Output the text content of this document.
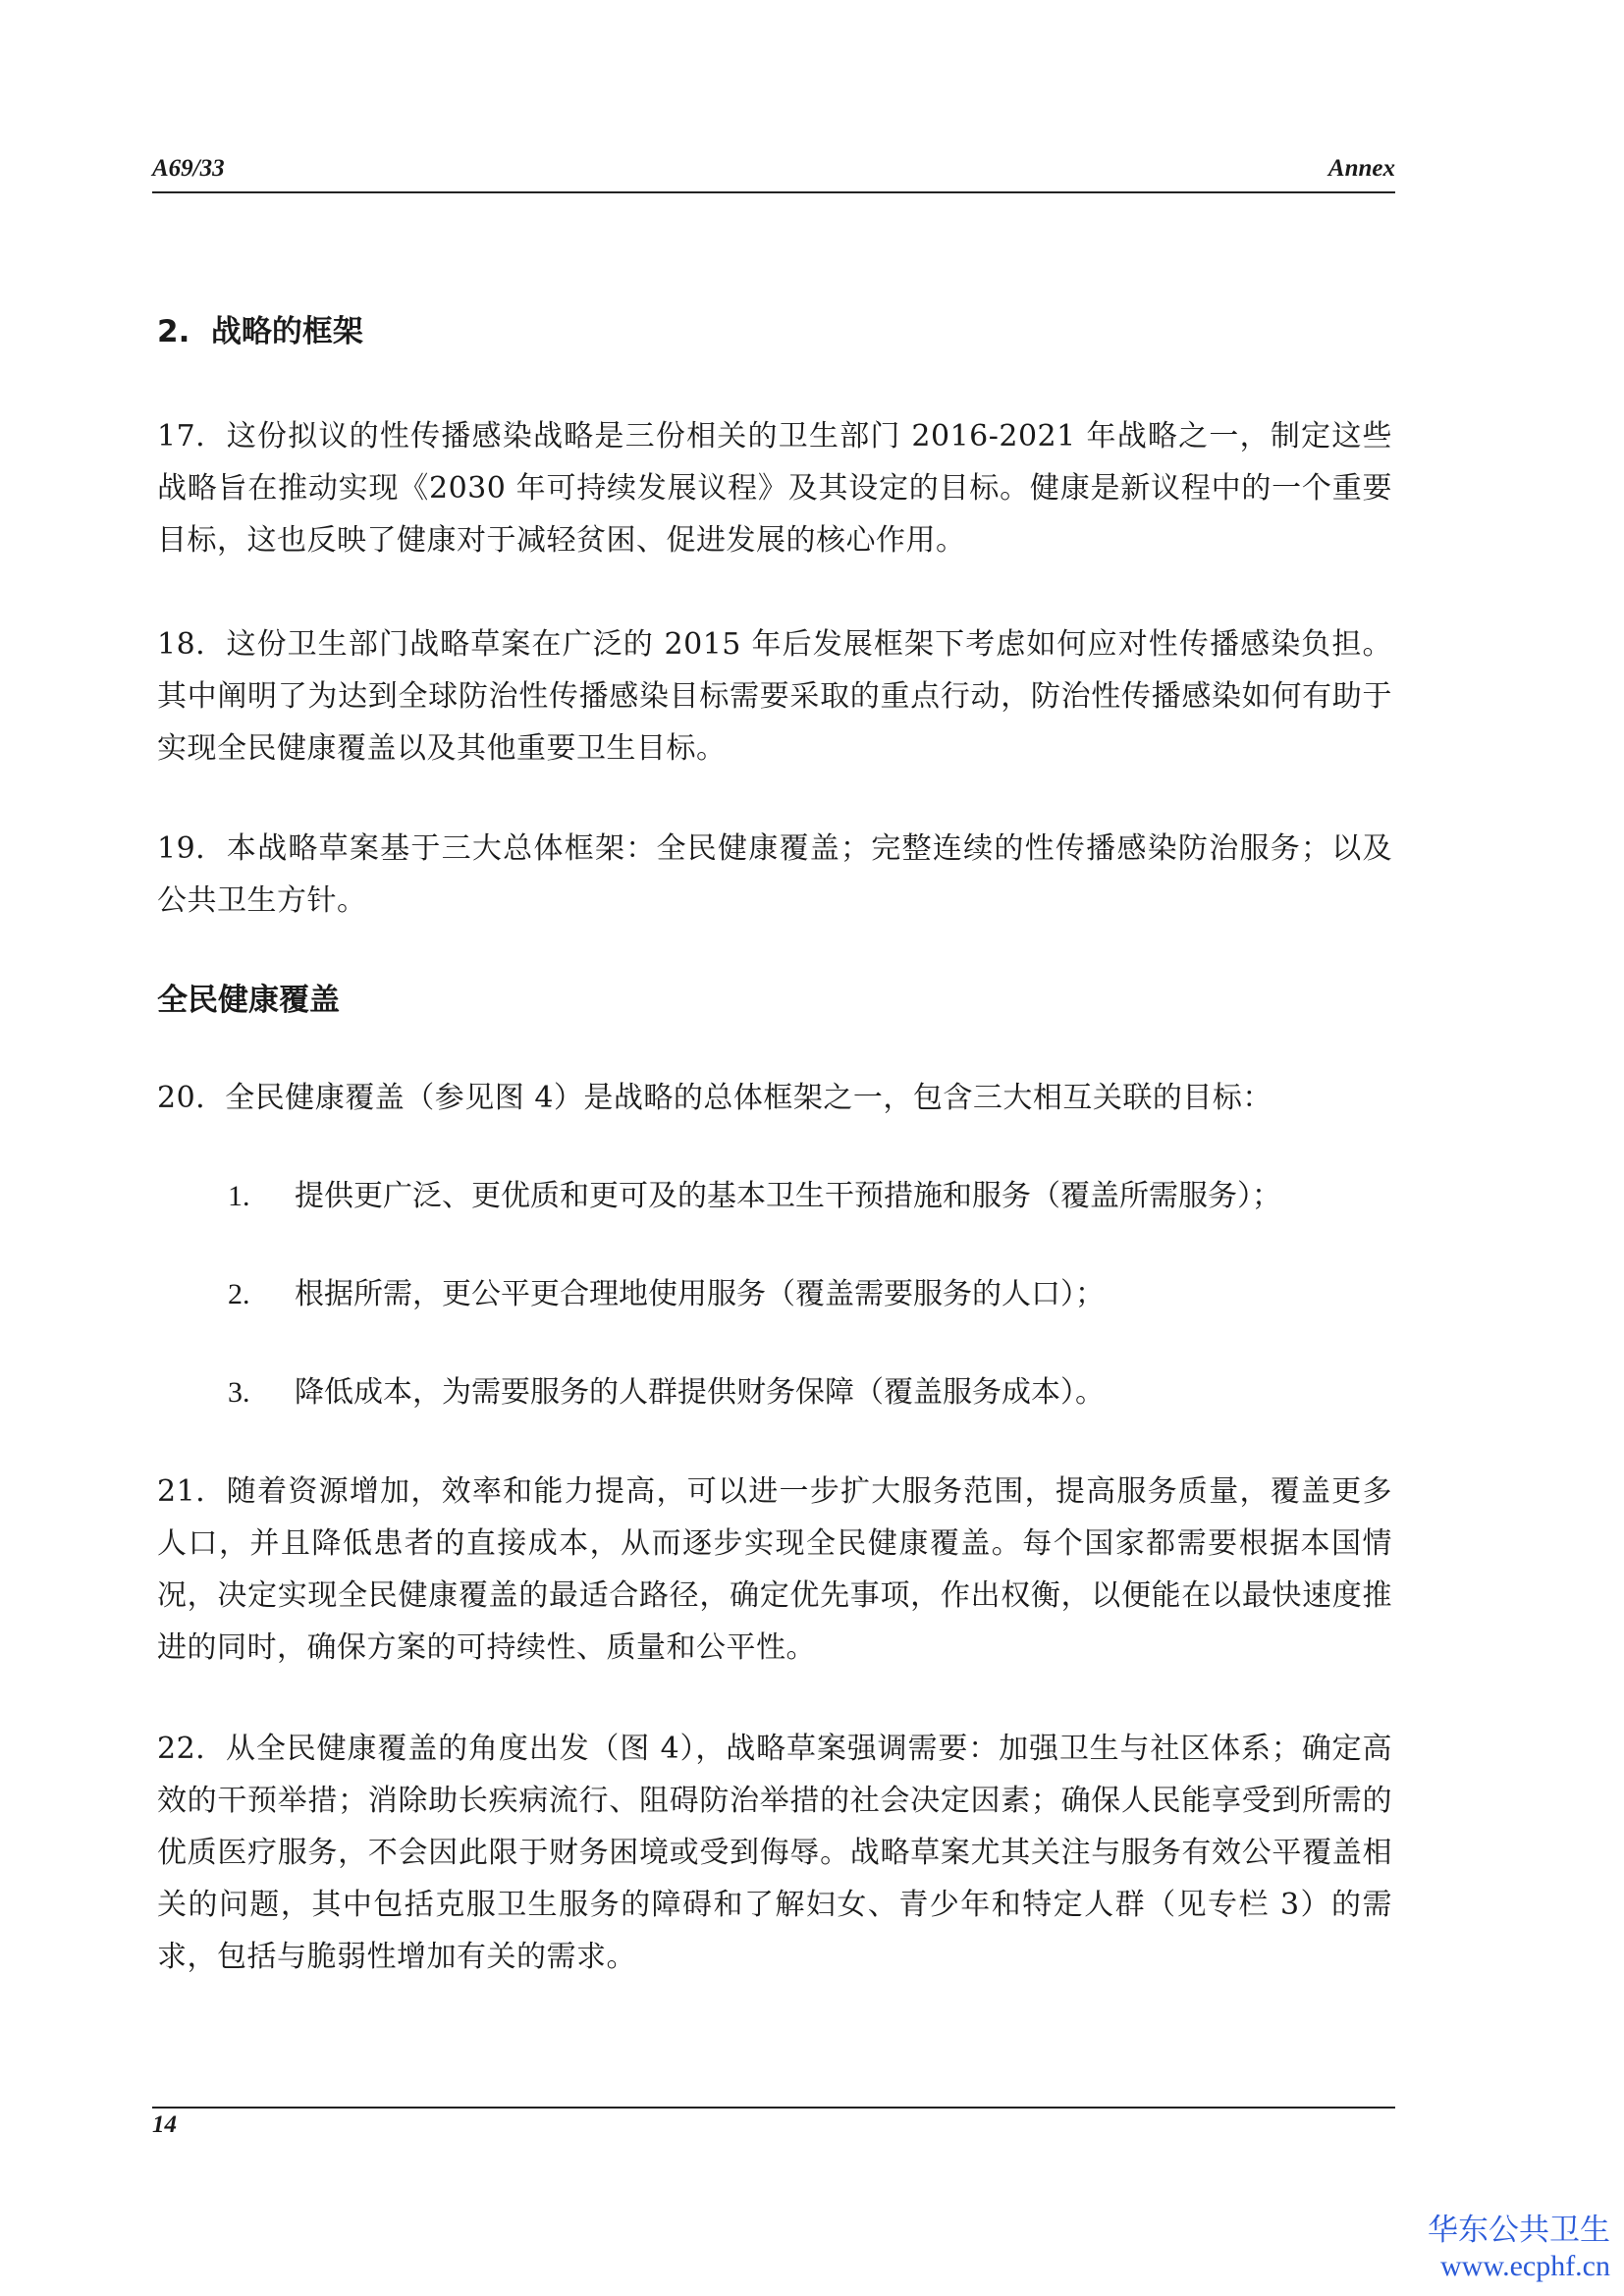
A69/33	Annex
2.  战略的框架
17.  这份拟议的性传播感染战略是三份相关的卫生部门 2016-2021 年战略之一，制定这些战略旨在推动实现《2030 年可持续发展议程》及其设定的目标。健康是新议程中的一个重要目标，这也反映了健康对于减轻贫困、促进发展的核心作用。
18.  这份卫生部门战略草案在广泛的 2015 年后发展框架下考虑如何应对性传播感染负担。其中阐明了为达到全球防治性传播感染目标需要采取的重点行动，防治性传播感染如何有助于实现全民健康覆盖以及其他重要卫生目标。
19.  本战略草案基于三大总体框架：全民健康覆盖；完整连续的性传播感染防治服务；以及公共卫生方针。
全民健康覆盖
20.  全民健康覆盖（参见图 4）是战略的总体框架之一，包含三大相互关联的目标：
1. 提供更广泛、更优质和更可及的基本卫生干预措施和服务（覆盖所需服务）；
2. 根据所需，更公平更合理地使用服务（覆盖需要服务的人口）；
3. 降低成本，为需要服务的人群提供财务保障（覆盖服务成本）。
21.  随着资源增加，效率和能力提高，可以进一步扩大服务范围，提高服务质量，覆盖更多人口，并且降低患者的直接成本，从而逐步实现全民健康覆盖。每个国家都需要根据本国情况，决定实现全民健康覆盖的最适合路径，确定优先事项，作出权衡，以便能在以最快速度推进的同时，确保方案的可持续性、质量和公平性。
22.  从全民健康覆盖的角度出发（图 4），战略草案强调需要：加强卫生与社区体系；确定高效的干预举措；消除助长疾病流行、阻碍防治举措的社会决定因素；确保人民能享受到所需的优质医疗服务，不会因此限于财务困境或受到侮辱。战略草案尤其关注与服务有效公平覆盖相关的问题，其中包括克服卫生服务的障碍和了解妇女、青少年和特定人群（见专栏 3）的需求，包括与脆弱性增加有关的需求。
14
华东公共卫生
www.ecphf.cn
